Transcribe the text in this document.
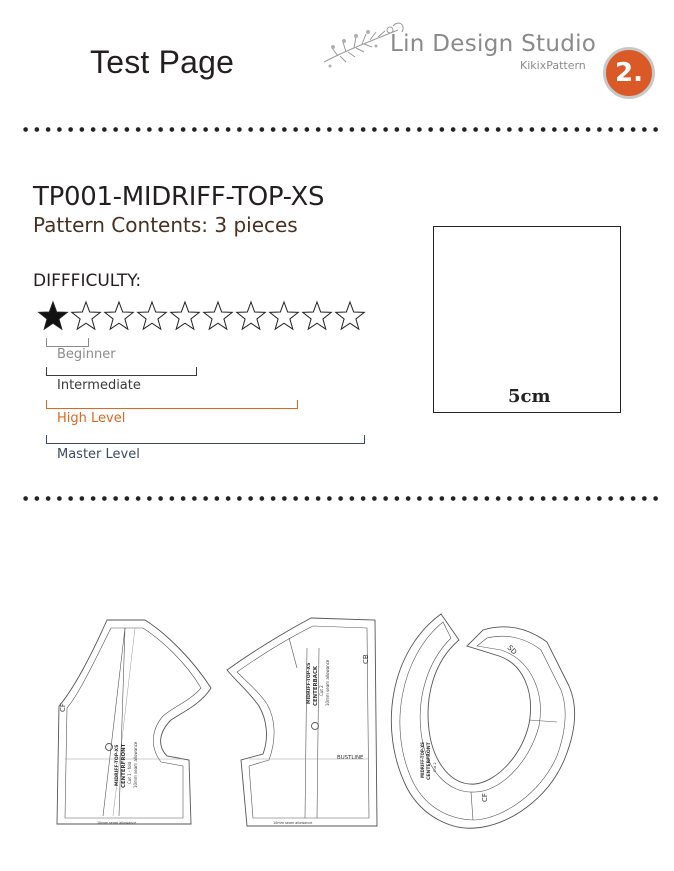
Test Page	Lin Design Studio
KikixPattern	2.
TP001-MIDRIFF-TOP-XS
Pattern Contents: 3 pieces
DIFFFICULTY:
Beginner
Intermediate
High Level
Master Level
5cm
CF
MIDRIFF-TOP-XS CENTERFRONT Cut 1 - fold 10mm seam allowance
10mm seam allowance
CB
MIDRIFF-TOP-XS CENTERBACK Cut 2 10mm seam allowance
BUSTLINE
10mm seam allowance
CF
SD
MIDRIFF-TOP-XS CENTERFRONT Cut 2
